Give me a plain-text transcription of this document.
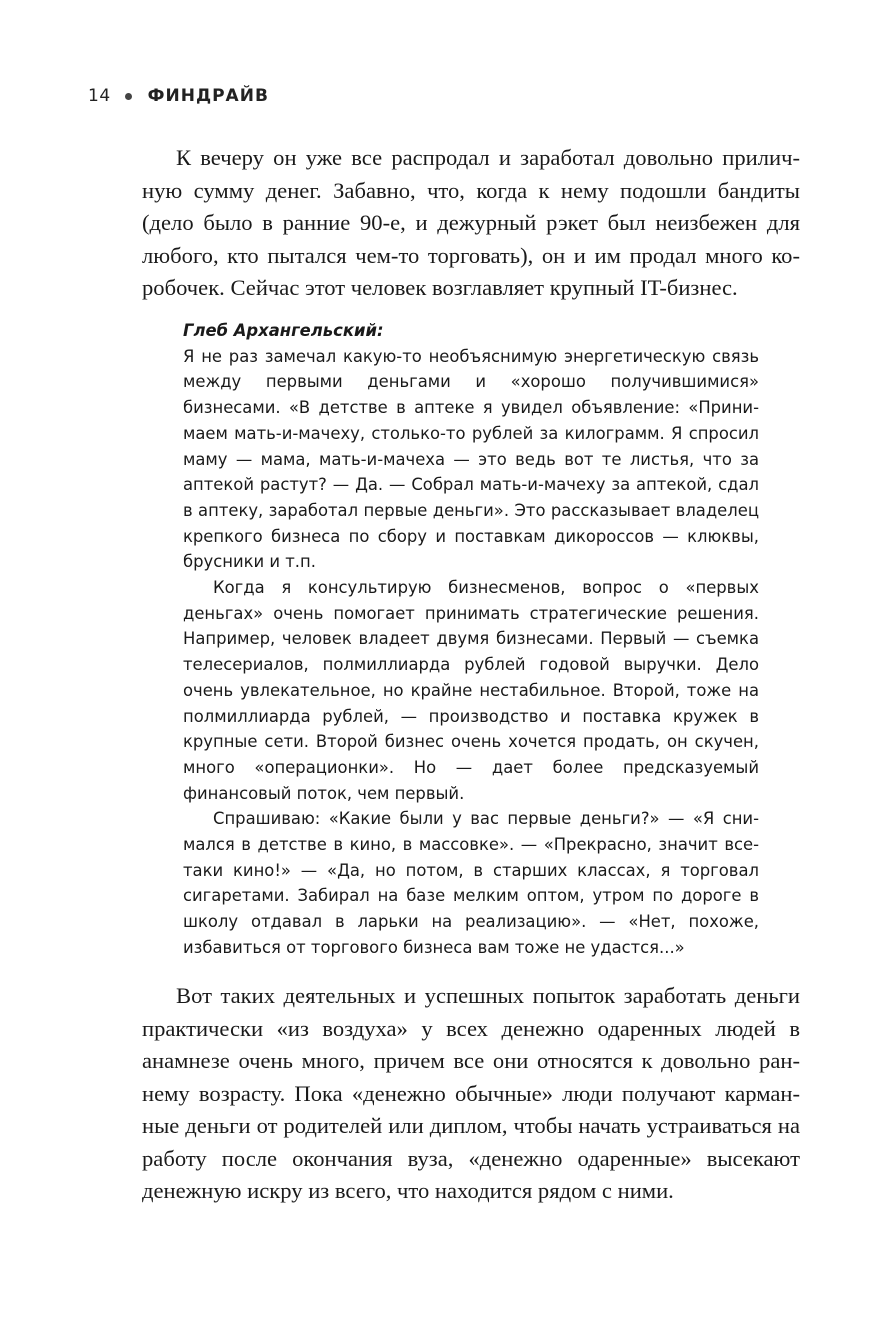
14 ФИНДРАЙВ

К вечеру он уже все распродал и заработал довольно приличную сумму денег. Забавно, что, когда к нему подошли бандиты (дело было в ранние 90-е, и дежурный рэкет был неизбежен для любого, кто пытался чем-то торговать), он и им продал много коробочек. Сейчас этот человек возглавляет крупный IT-бизнес.

Глеб Архангельский:

Я не раз замечал какую-то необъяснимую энергетическую связь между первыми деньгами и «хорошо получившимися» бизнесами. «В детстве в аптеке я увидел объявление: «Принимаем мать-и-мачеху, столько-то рублей за килограмм. Я спросил маму — мама, мать-и-мачеха — это ведь вот те листья, что за аптекой растут? — Да. — Собрал мать-и-мачеху за аптекой, сдал в аптеку, заработал первые деньги». Это рассказывает владелец крепкого бизнеса по сбору и поставкам дикороссов — клюквы, брусники и т.п.

Когда я консультирую бизнесменов, вопрос о «первых деньгах» очень помогает принимать стратегические решения. Например, человек владеет двумя бизнесами. Первый — съемка телесериалов, полмиллиарда рублей годовой выручки. Дело очень увлекательное, но крайне нестабильное. Второй, тоже на полмиллиарда рублей, — производство и поставка кружек в крупные сети. Второй бизнес очень хочется продать, он скучен, много «операционки». Но — дает более предсказуемый финансовый поток, чем первый.

Спрашиваю: «Какие были у вас первые деньги?» — «Я снимался в детстве в кино, в массовке». — «Прекрасно, значит все-таки кино!» — «Да, но потом, в старших классах, я торговал сигаретами. Забирал на базе мелким оптом, утром по дороге в школу отдавал в ларьки на реализацию». — «Нет, похоже, избавиться от торгового бизнеса вам тоже не удастся...»

Вот таких деятельных и успешных попыток заработать деньги практически «из воздуха» у всех денежно одаренных людей в анамнезе очень много, причем все они относятся к довольно раннему возрасту. Пока «денежно обычные» люди получают карманные деньги от родителей или диплом, чтобы начать устраиваться на работу после окончания вуза, «денежно одаренные» высекают денежную искру из всего, что находится рядом с ними.
